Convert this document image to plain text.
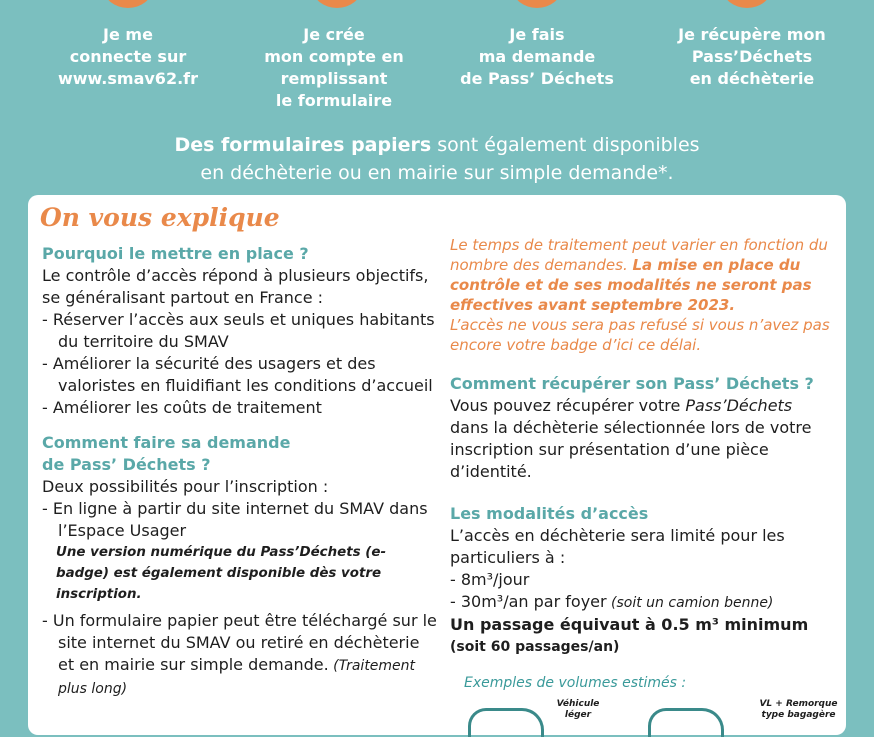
Je me
connecte sur
www.smav62.fr
Je crée
mon compte en
remplissant
le formulaire
Je fais
ma demande
de Pass’ Déchets
Je récupère mon
Pass’Déchets
en déchèterie
Des formulaires papiers sont également disponibles
en déchèterie ou en mairie sur simple demande*.
On vous explique
Pourquoi le mettre en place ?
Le contrôle d’accès répond à plusieurs objectifs, se généralisant partout en France :
- Réserver l’accès aux seuls et uniques habitants du territoire du SMAV
- Améliorer la sécurité des usagers et des valoristes en fluidifiant les conditions d’accueil
- Améliorer les coûts de traitement
Comment faire sa demande
de Pass’ Déchets ?
Deux possibilités pour l’inscription :
- En ligne à partir du site internet du SMAV dans l’Espace Usager
Une version numérique du Pass’Déchets (e-badge) est également disponible dès votre inscription.
- Un formulaire papier peut être téléchargé sur le site internet du SMAV ou retiré en déchèterie et en mairie sur simple demande. (Traitement plus long)
Le temps de traitement peut varier en fonction du nombre des demandes. La mise en place du contrôle et de ses modalités ne seront pas effectives avant septembre 2023.
L’accès ne vous sera pas refusé si vous n’avez pas encore votre badge d’ici ce délai.
Comment récupérer son Pass’ Déchets ?
Vous pouvez récupérer votre Pass’Déchets dans la déchèterie sélectionnée lors de votre inscription sur présentation d’une pièce d’identité.
Les modalités d’accès
L’accès en déchèterie sera limité pour les particuliers à :
- 8m³/jour
- 30m³/an par foyer (soit un camion benne)
Un passage équivaut à 0.5 m³ minimum
(soit 60 passages/an)
Exemples de volumes estimés :
Véhicule léger
VL + Remorque type bagagère
